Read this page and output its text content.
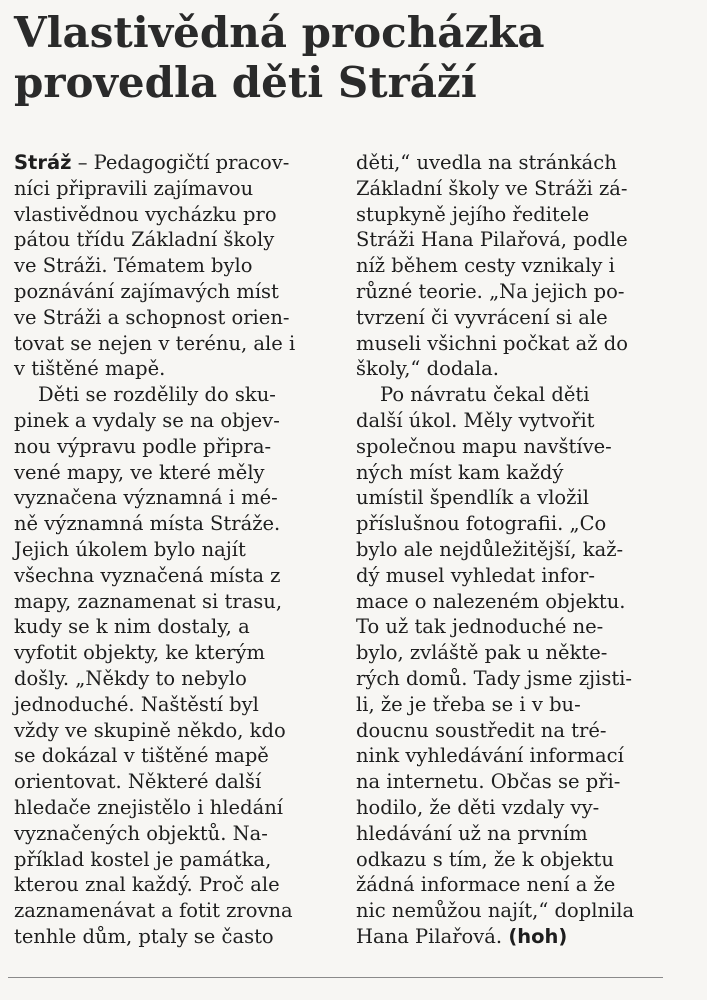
Vlastivědná procházka
provedla děti Stráží
Stráž – Pedagogičtí pracov-
níci připravili zajímavou
vlastivědnou vycházku pro
pátou třídu Základní školy
ve Stráži. Tématem bylo
poznávání zajímavých míst
ve Stráži a schopnost orien-
tovat se nejen v terénu, ale i
v tištěné mapě.
Děti se rozdělily do sku-
pinek a vydaly se na objev-
nou výpravu podle připra-
vené mapy, ve které měly
vyznačena významná i mé-
ně významná místa Stráže.
Jejich úkolem bylo najít
všechna vyznačená místa z
mapy, zaznamenat si trasu,
kudy se k nim dostaly, a
vyfotit objekty, ke kterým
došly. „Někdy to nebylo
jednoduché. Naštěstí byl
vždy ve skupině někdo, kdo
se dokázal v tištěné mapě
orientovat. Některé další
hledače znejistělo i hledání
vyznačených objektů. Na-
příklad kostel je památka,
kterou znal každý. Proč ale
zaznamenávat a fotit zrovna
tenhle dům, ptaly se často
děti,“ uvedla na stránkách
Základní školy ve Stráži zá-
stupkyně jejího ředitele
Stráži Hana Pilařová, podle
níž během cesty vznikaly i
různé teorie. „Na jejich po-
tvrzení či vyvrácení si ale
museli všichni počkat až do
školy,“ dodala.
Po návratu čekal děti
další úkol. Měly vytvořit
společnou mapu navštíve-
ných míst kam každý
umístil špendlík a vložil
příslušnou fotografii. „Co
bylo ale nejdůležitější, kaž-
dý musel vyhledat infor-
mace o nalezeném objektu.
To už tak jednoduché ne-
bylo, zvláště pak u někte-
rých domů. Tady jsme zjisti-
li, že je třeba se i v bu-
doucnu soustředit na tré-
nink vyhledávání informací
na internetu. Občas se při-
hodilo, že děti vzdaly vy-
hledávání už na prvním
odkazu s tím, že k objektu
žádná informace není a že
nic nemůžou najít,“ doplnila
Hana Pilařová. (hoh)
